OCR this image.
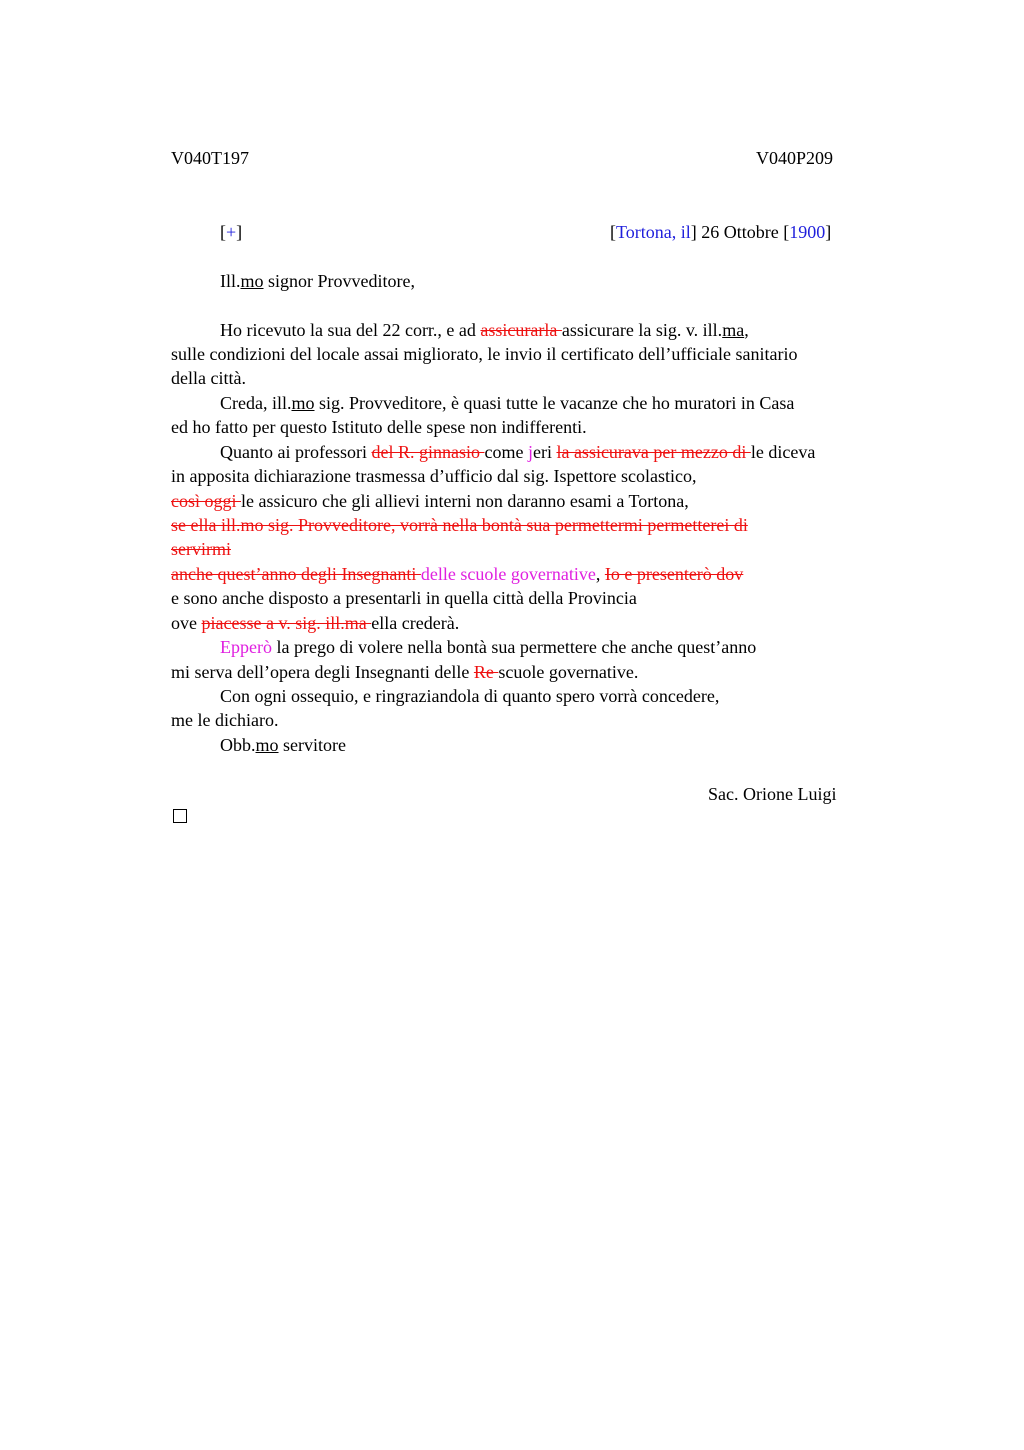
V040T197	V040P209
[+]	[Tortona, il] 26 Ottobre [1900]
Ill.mo signor Provveditore,
Ho ricevuto la sua del 22 corr., e ad assicurarla assicurare la sig. v. ill.ma,
sulle condizioni del locale assai migliorato, le invio il certificato dell’ufficiale sanitario
della città.
Creda, ill.mo sig. Provveditore, è quasi tutte le vacanze che ho muratori in Casa
ed ho fatto per questo Istituto delle spese non indifferenti.
Quanto ai professori del R. ginnasio come jeri la assicurava per mezzo di le diceva
in apposita dichiarazione trasmessa d’ufficio dal sig. Ispettore scolastico,
così oggi le assicuro che gli allievi interni non daranno esami a Tortona,
se ella ill.mo sig. Provveditore, vorrà nella bontà sua permettermi permetterei di
servirmi
anche quest’anno degli Insegnanti delle scuole governative, Io e presenterò dov
e sono anche disposto a presentarli in quella città della Provincia
ove piacesse a v. sig. ill.ma ella crederà.
Epperò la prego di volere nella bontà sua permettere che anche quest’anno
mi serva dell’opera degli Insegnanti delle Re scuole governative.
Con ogni ossequio, e ringraziandola di quanto spero vorrà concedere,
me le dichiaro.
Obb.mo servitore
Sac. Orione Luigi
